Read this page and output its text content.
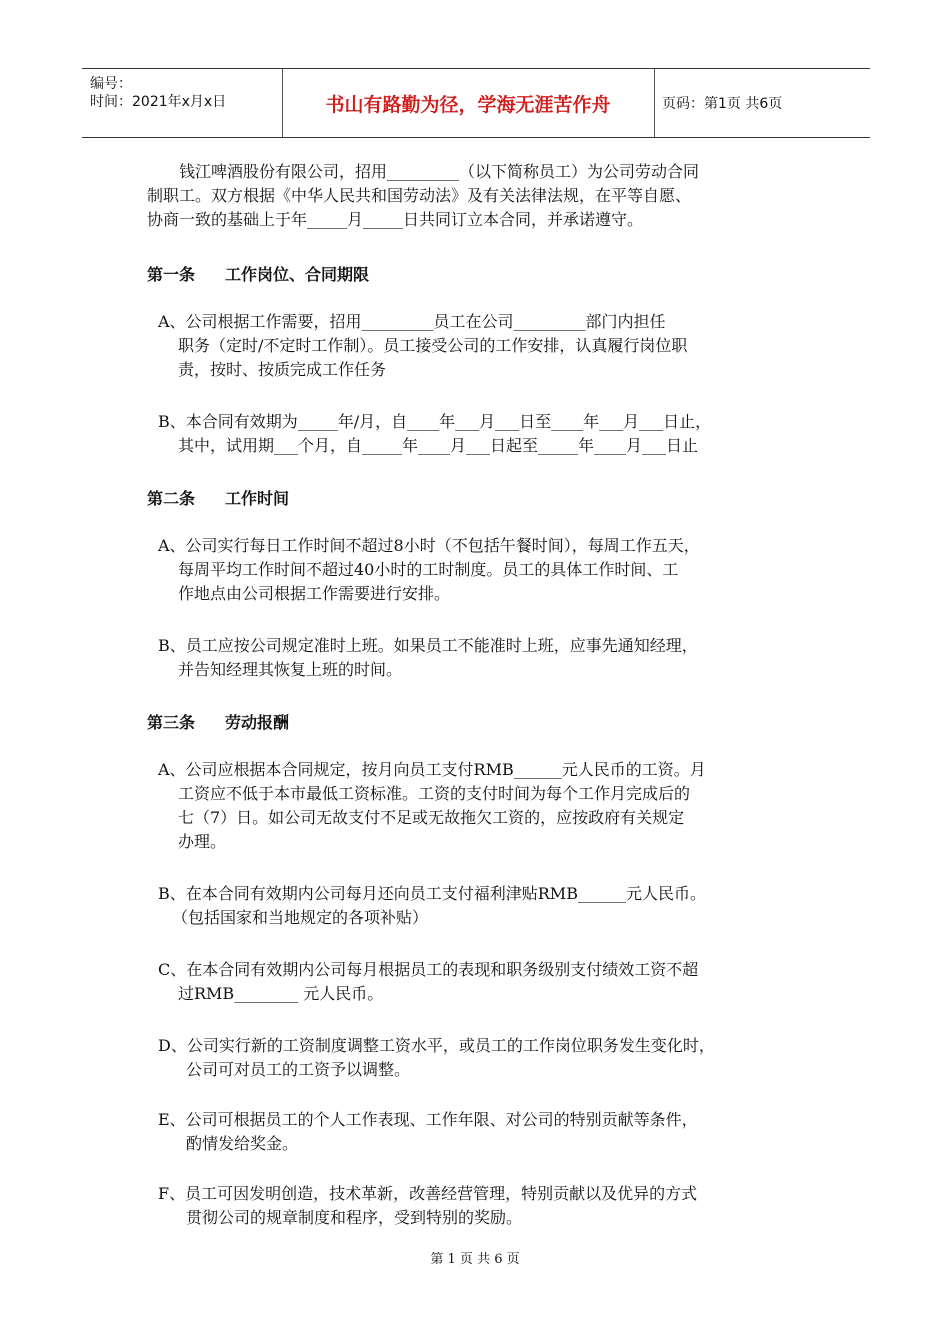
编号：
时间：2021年x月x日	书山有路勤为径，学海无涯苦作舟	页码：第1页 共6页
钱江啤酒股份有限公司，招用_________（以下简称员工）为公司劳动合同
制职工。双方根据《中华人民共和国劳动法》及有关法律法规，在平等自愿、
协商一致的基础上于年_____月_____日共同订立本合同，并承诺遵守。
第一条 工作岗位、合同期限
A、公司根据工作需要，招用_________员工在公司_________部门内担任
职务（定时/不定时工作制）。员工接受公司的工作安排，认真履行岗位职
责，按时、按质完成工作任务
B、本合同有效期为_____年/月，自____年___月___日至____年___月___日止，
其中，试用期___个月，自_____年____月___日起至_____年____月___日止
第二条 工作时间
A、公司实行每日工作时间不超过8小时（不包括午餐时间），每周工作五天，
每周平均工作时间不超过40小时的工时制度。员工的具体工作时间、工
作地点由公司根据工作需要进行安排。
B、员工应按公司规定准时上班。如果员工不能准时上班，应事先通知经理，
并告知经理其恢复上班的时间。
第三条 劳动报酬
A、公司应根据本合同规定，按月向员工支付RMB______元人民币的工资。月
工资应不低于本市最低工资标准。工资的支付时间为每个工作月完成后的
七（7）日。如公司无故支付不足或无故拖欠工资的，应按政府有关规定
办理。
B、在本合同有效期内公司每月还向员工支付福利津贴RMB______元人民币。
（包括国家和当地规定的各项补贴）
C、在本合同有效期内公司每月根据员工的表现和职务级别支付绩效工资不超
过RMB________ 元人民币。
D、公司实行新的工资制度调整工资水平，或员工的工作岗位职务发生变化时，
公司可对员工的工资予以调整。
E、公司可根据员工的个人工作表现、工作年限、对公司的特别贡献等条件，
酌情发给奖金。
F、员工可因发明创造，技术革新，改善经营管理，特别贡献以及优异的方式
贯彻公司的规章制度和程序，受到特别的奖励。
第 1 页 共 6 页
